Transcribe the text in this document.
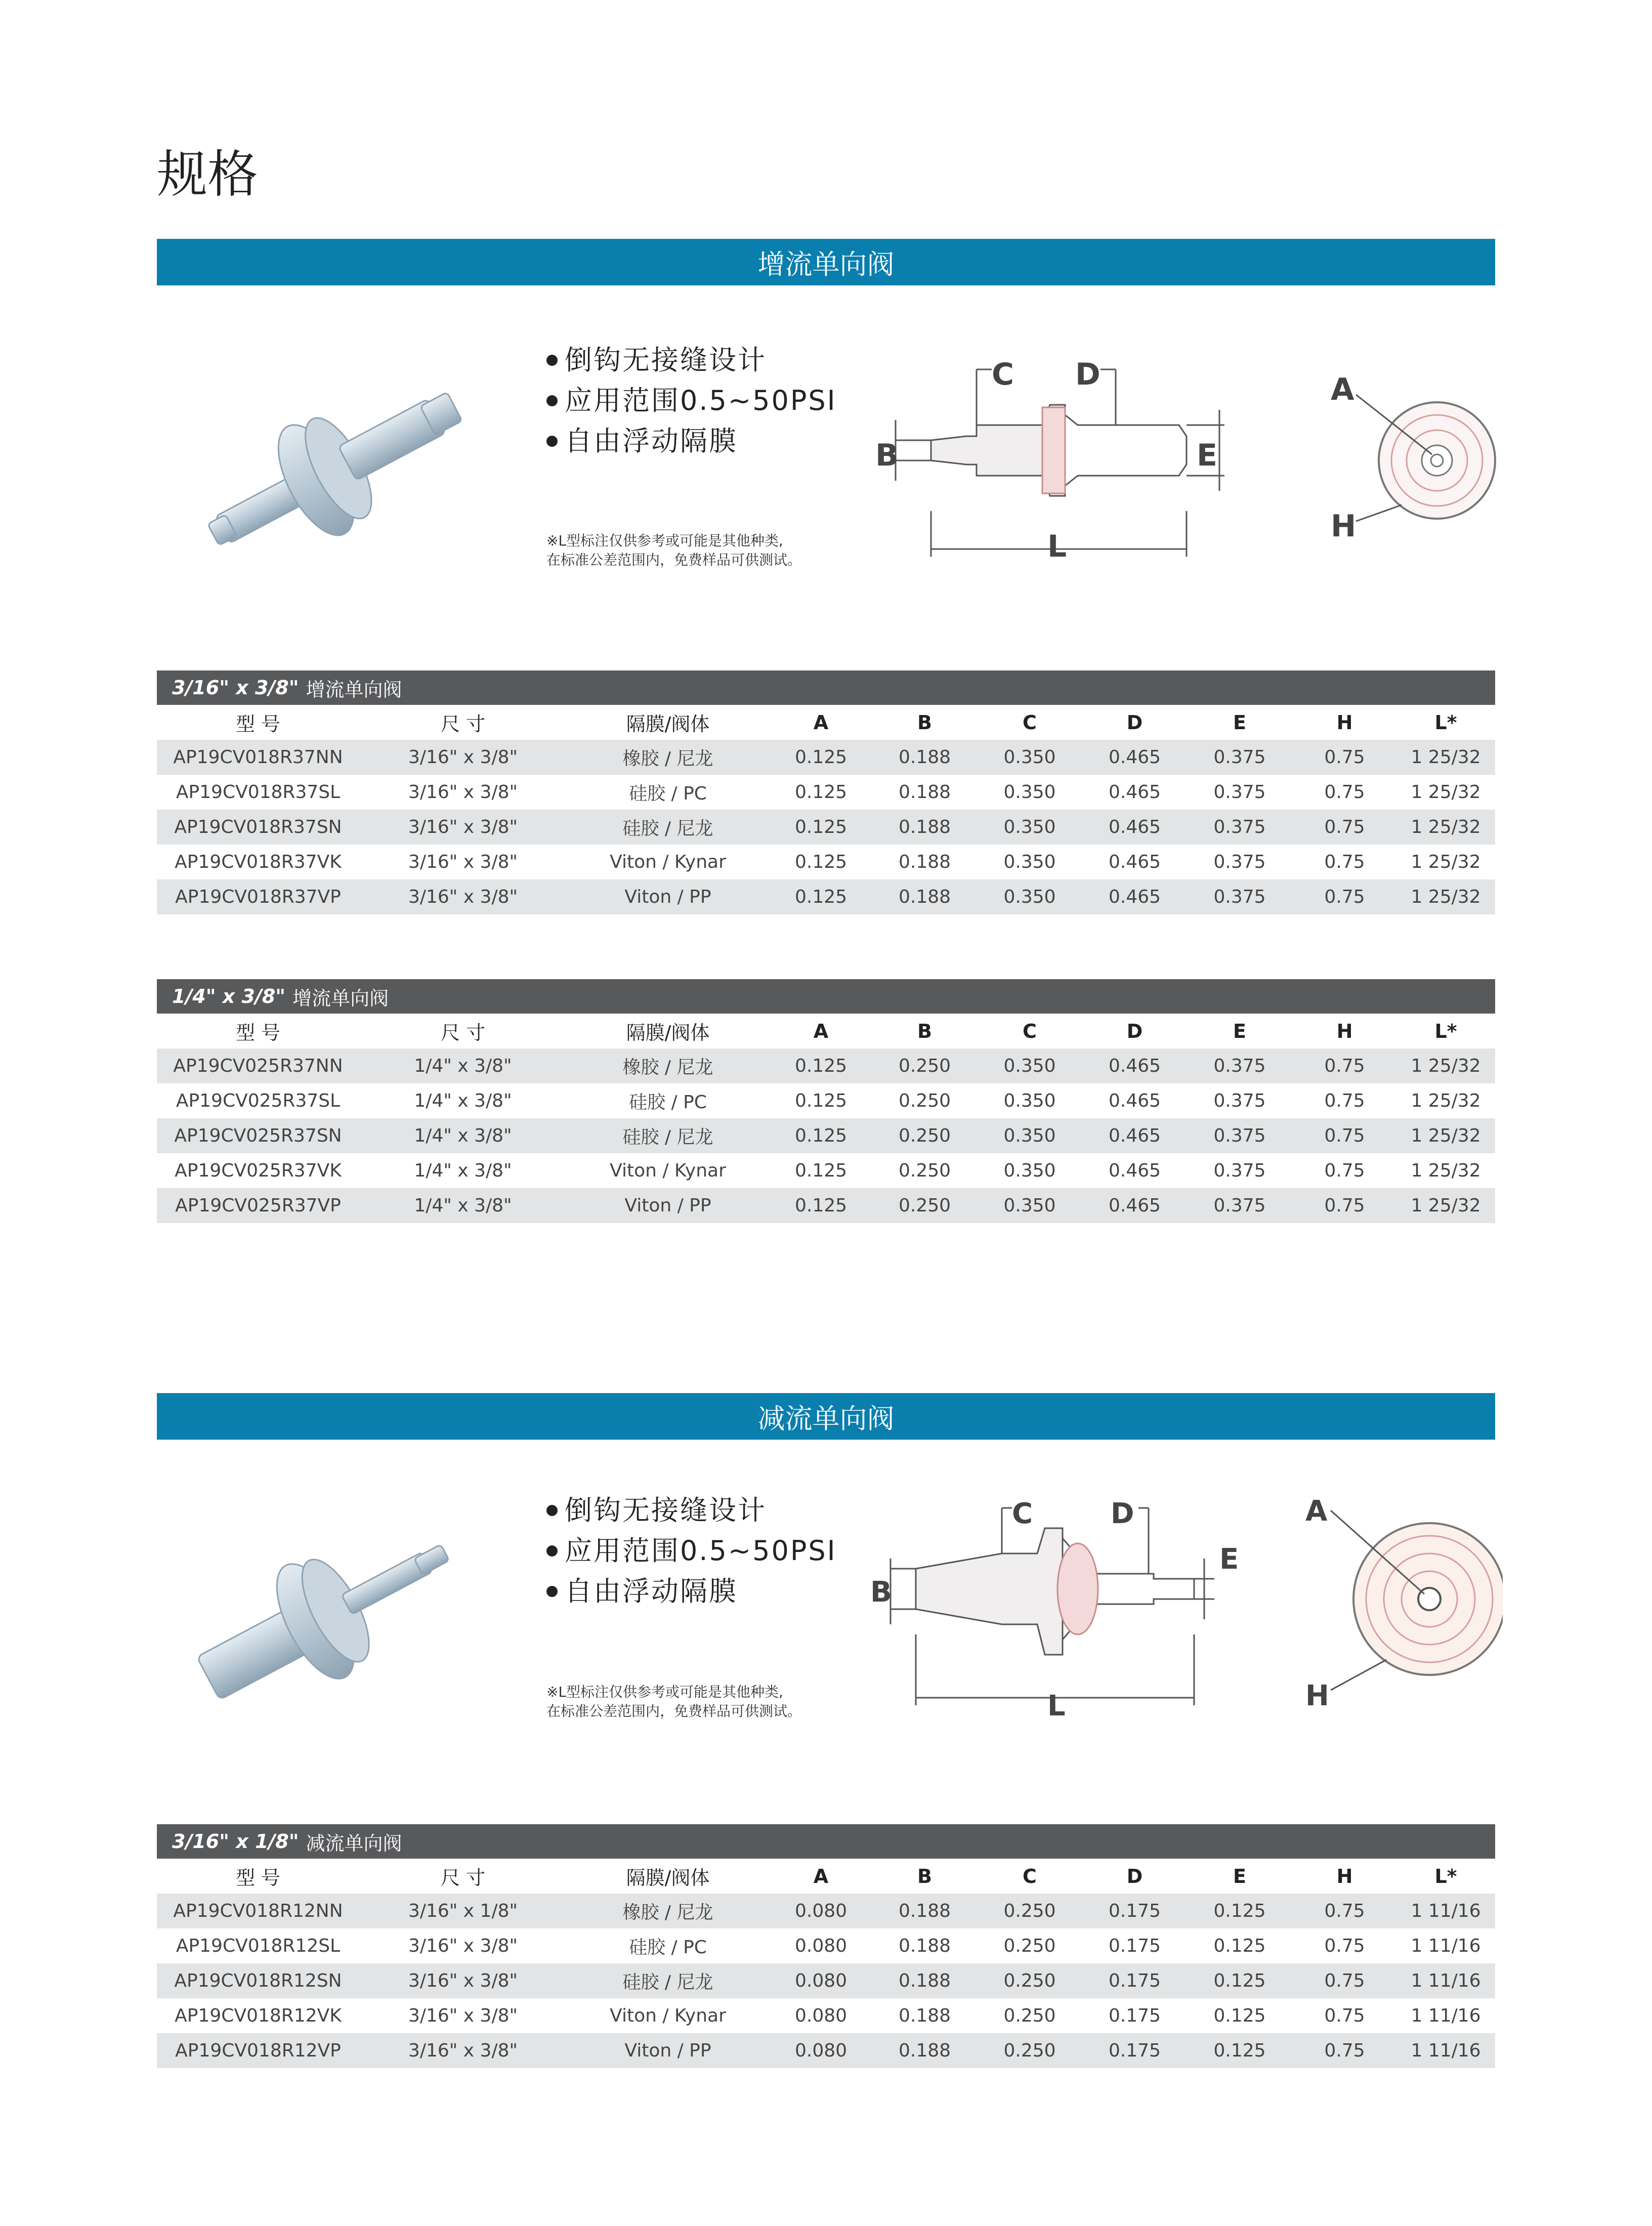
规格
增流单向阀
倒钩无接缝设计
应用范围0.5~50PSI
自由浮动隔膜
※L型标注仅供参考或可能是其他种类,
在标准公差范围内，免费样品可供测试。
C D
B	E
L
A
H
3/16" x 3/8" 增流单向阀
型 号	尺 寸	隔膜/阀体	A	B	C	D	E	H	L*
AP19CV018R37NN	3/16" x 3/8"	橡胶 / 尼龙	0.125	0.188	0.350	0.465	0.375	0.75	1 25/32
AP19CV018R37SL	3/16" x 3/8"	硅胶 / PC	0.125	0.188	0.350	0.465	0.375	0.75	1 25/32
AP19CV018R37SN	3/16" x 3/8"	硅胶 / 尼龙	0.125	0.188	0.350	0.465	0.375	0.75	1 25/32
AP19CV018R37VK	3/16" x 3/8"	Viton / Kynar	0.125	0.188	0.350	0.465	0.375	0.75	1 25/32
AP19CV018R37VP	3/16" x 3/8"	Viton / PP	0.125	0.188	0.350	0.465	0.375	0.75	1 25/32
1/4" x 3/8" 增流单向阀
型 号	尺 寸	隔膜/阀体	A	B	C	D	E	H	L*
AP19CV025R37NN	1/4" x 3/8"	橡胶 / 尼龙	0.125	0.250	0.350	0.465	0.375	0.75	1 25/32
AP19CV025R37SL	1/4" x 3/8"	硅胶 / PC	0.125	0.250	0.350	0.465	0.375	0.75	1 25/32
AP19CV025R37SN	1/4" x 3/8"	硅胶 / 尼龙	0.125	0.250	0.350	0.465	0.375	0.75	1 25/32
AP19CV025R37VK	1/4" x 3/8"	Viton / Kynar	0.125	0.250	0.350	0.465	0.375	0.75	1 25/32
AP19CV025R37VP	1/4" x 3/8"	Viton / PP	0.125	0.250	0.350	0.465	0.375	0.75	1 25/32
减流单向阀
倒钩无接缝设计
应用范围0.5~50PSI
自由浮动隔膜
※L型标注仅供参考或可能是其他种类,
在标准公差范围内，免费样品可供测试。
C	D
B
E
L
A
H
3/16" x 1/8" 减流单向阀
型 号	尺 寸	隔膜/阀体	A	B	C	D	E	H	L*
AP19CV018R12NN	3/16" x 1/8"	橡胶 / 尼龙	0.080	0.188	0.250	0.175	0.125	0.75	1 11/16
AP19CV018R12SL	3/16" x 3/8"	硅胶 / PC	0.080	0.188	0.250	0.175	0.125	0.75	1 11/16
AP19CV018R12SN	3/16" x 3/8"	硅胶 / 尼龙	0.080	0.188	0.250	0.175	0.125	0.75	1 11/16
AP19CV018R12VK	3/16" x 3/8"	Viton / Kynar	0.080	0.188	0.250	0.175	0.125	0.75	1 11/16
AP19CV018R12VP	3/16" x 3/8"	Viton / PP	0.080	0.188	0.250	0.175	0.125	0.75	1 11/16
